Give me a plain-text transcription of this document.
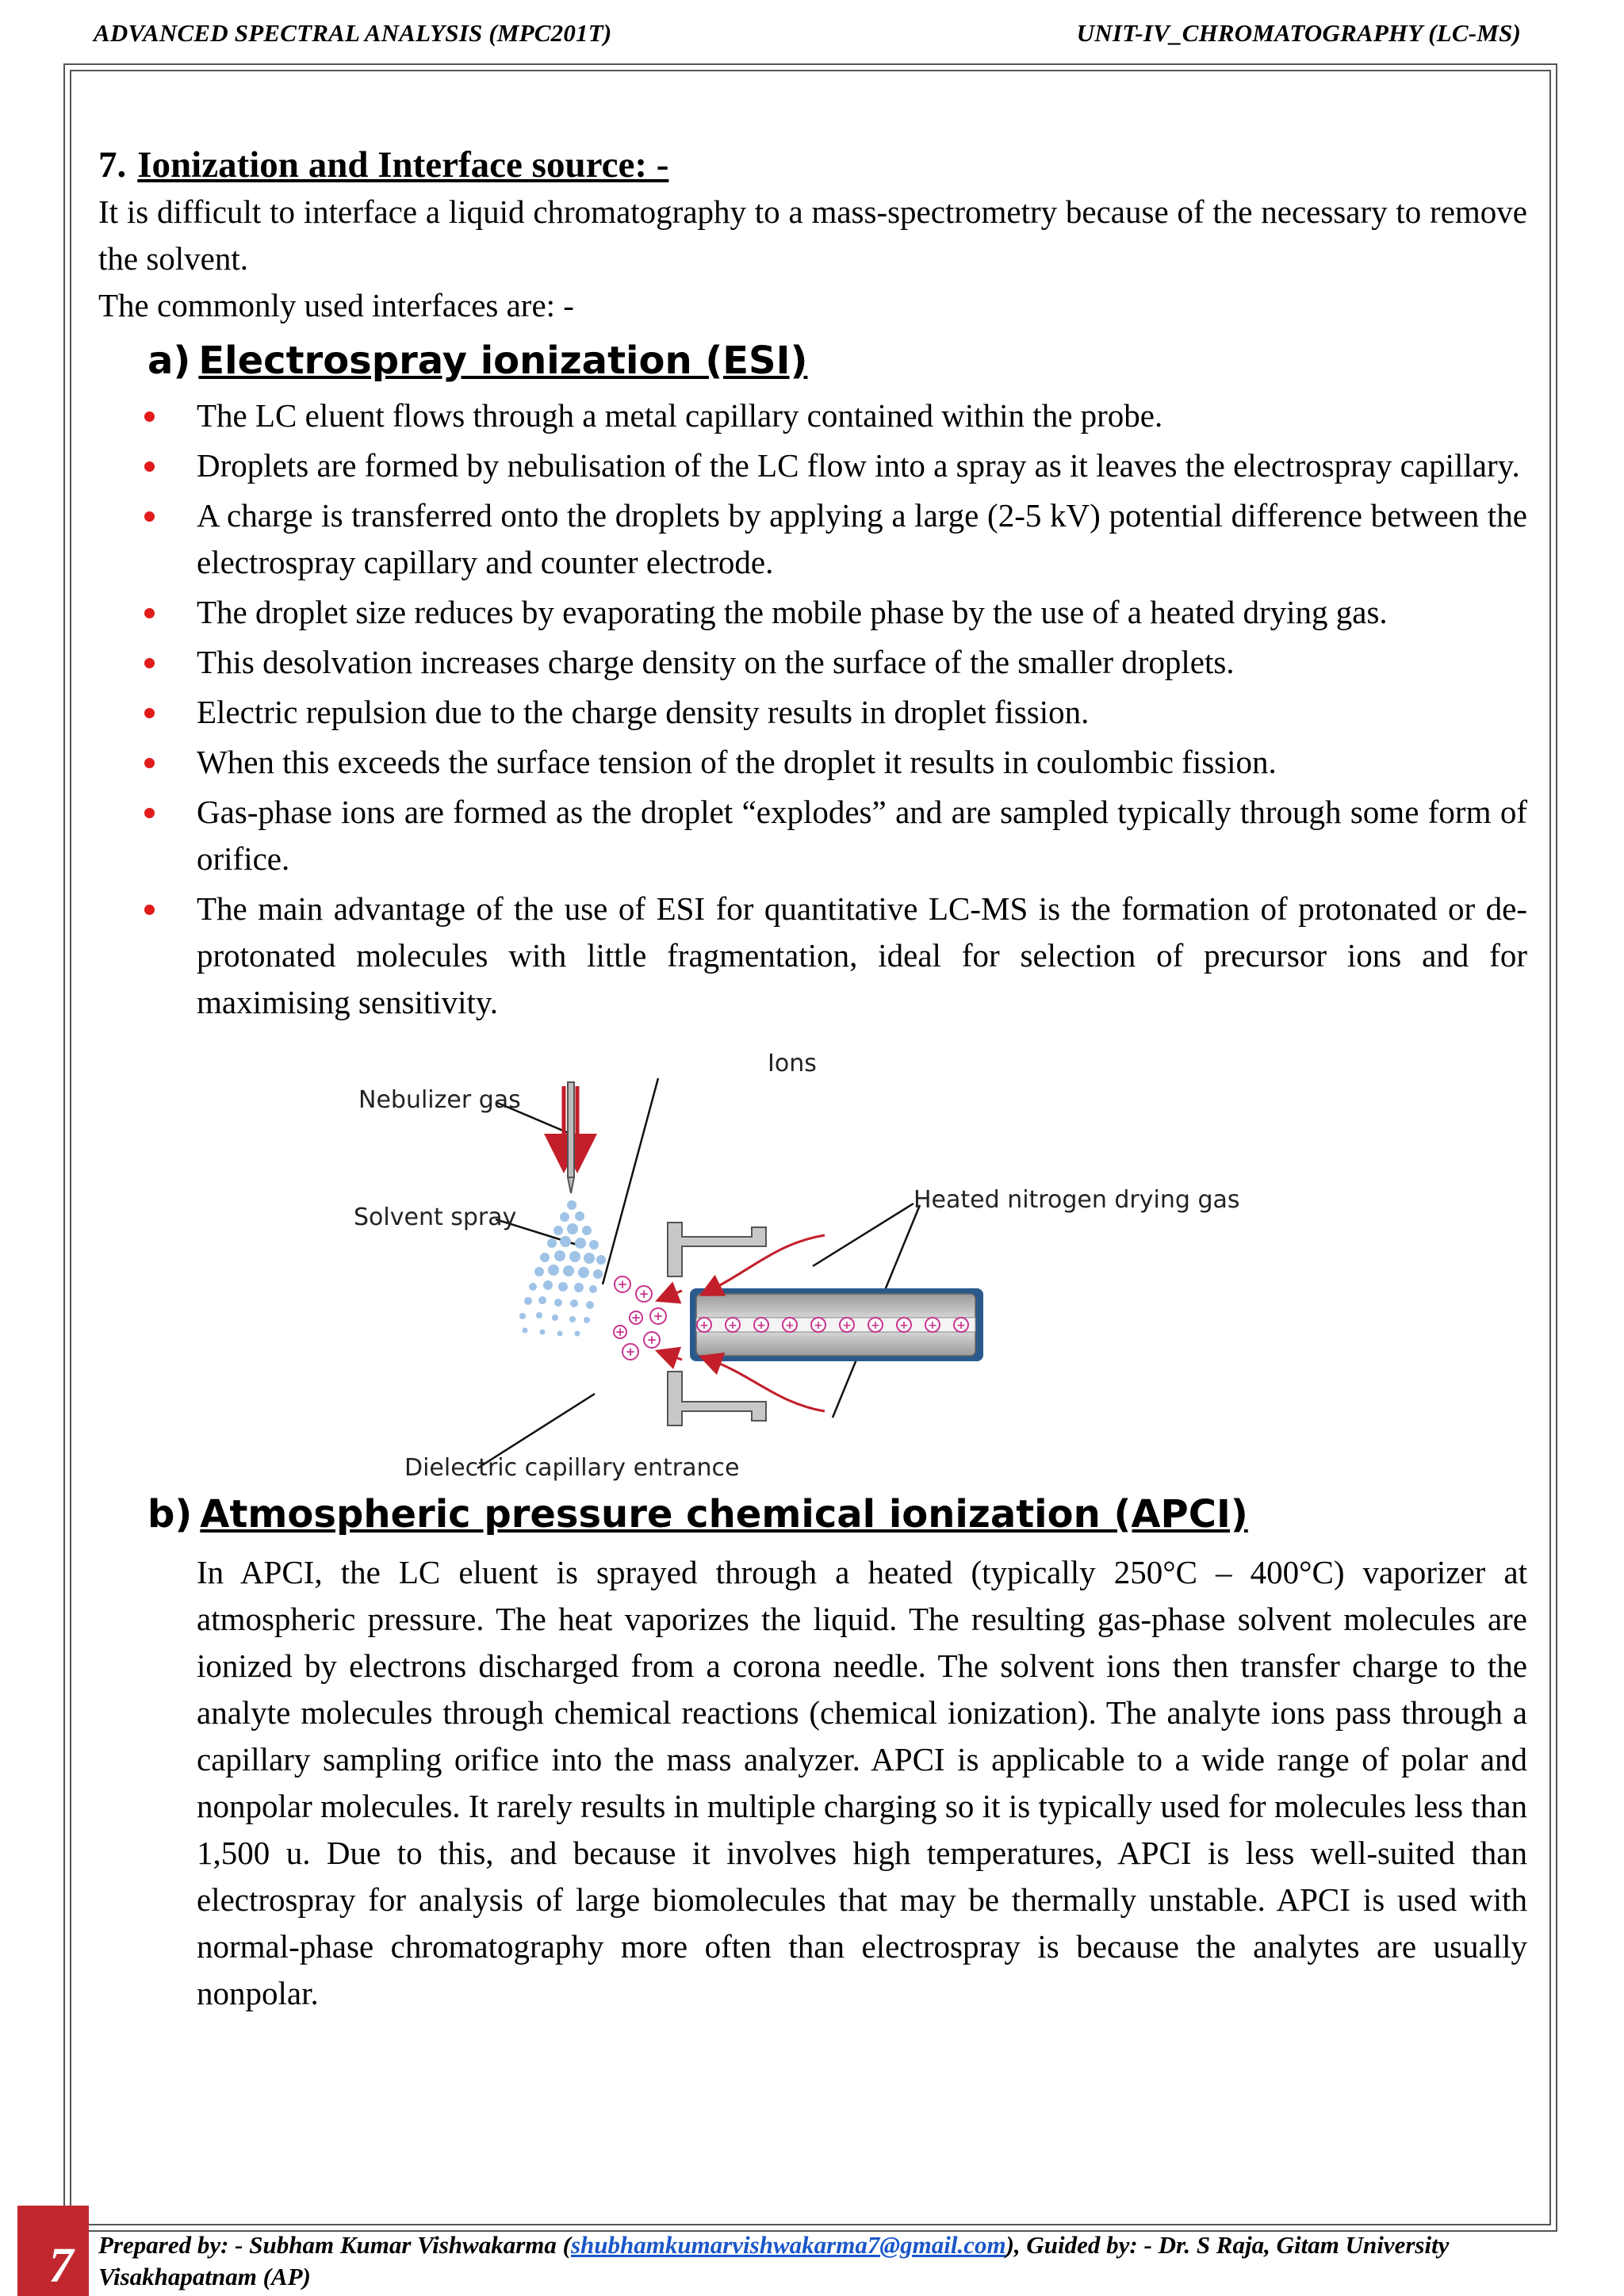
ADVANCED SPECTRAL ANALYSIS (MPC201T)	UNIT-IV_CHROMATOGRAPHY (LC-MS)
7. Ionization and Interface source: -

It is difficult to interface a liquid chromatography to a mass-spectrometry because of the necessary to remove the solvent.

The commonly used interfaces are: -

a) Electrospray ionization (ESI)
The LC eluent flows through a metal capillary contained within the probe.
Droplets are formed by nebulisation of the LC flow into a spray as it leaves the electrospray capillary.
A charge is transferred onto the droplets by applying a large (2-5 kV) potential difference between the electrospray capillary and counter electrode.
The droplet size reduces by evaporating the mobile phase by the use of a heated drying gas.
This desolvation increases charge density on the surface of the smaller droplets.
Electric repulsion due to the charge density results in droplet fission.
When this exceeds the surface tension of the droplet it results in coulombic fission.
Gas-phase ions are formed as the droplet “explodes” and are sampled typically through some form of orifice.
The main advantage of the use of ESI for quantitative LC-MS is the formation of protonated or de-protonated molecules with little fragmentation, ideal for selection of precursor ions and for maximising sensitivity.
+
+
+
+
+
+
+
+ + + + + + + + + +
Ions
Nebulizer gas
Solvent spray
Heated nitrogen drying gas
Dielectric capillary entrance
b) Atmospheric pressure chemical ionization (APCI)

In APCI, the LC eluent is sprayed through a heated (typically 250°C – 400°C) vaporizer at atmospheric pressure. The heat vaporizes the liquid. The resulting gas-phase solvent molecules are ionized by electrons discharged from a corona needle. The solvent ions then transfer charge to the analyte molecules through chemical reactions (chemical ionization). The analyte ions pass through a capillary sampling orifice into the mass analyzer. APCI is applicable to a wide range of polar and nonpolar molecules. It rarely results in multiple charging so it is typically used for molecules less than 1,500 u. Due to this, and because it involves high temperatures, APCI is less well-suited than electrospray for analysis of large biomolecules that may be thermally unstable. APCI is used with normal-phase chromatography more often than electrospray is because the analytes are usually nonpolar.

Prepared by: - Subham Kumar Vishwakarma (shubhamkumarvishwakarma7@gmail.com), Guided by: - Dr. S Raja, Gitam University Visakhapatnam (AP)
7
